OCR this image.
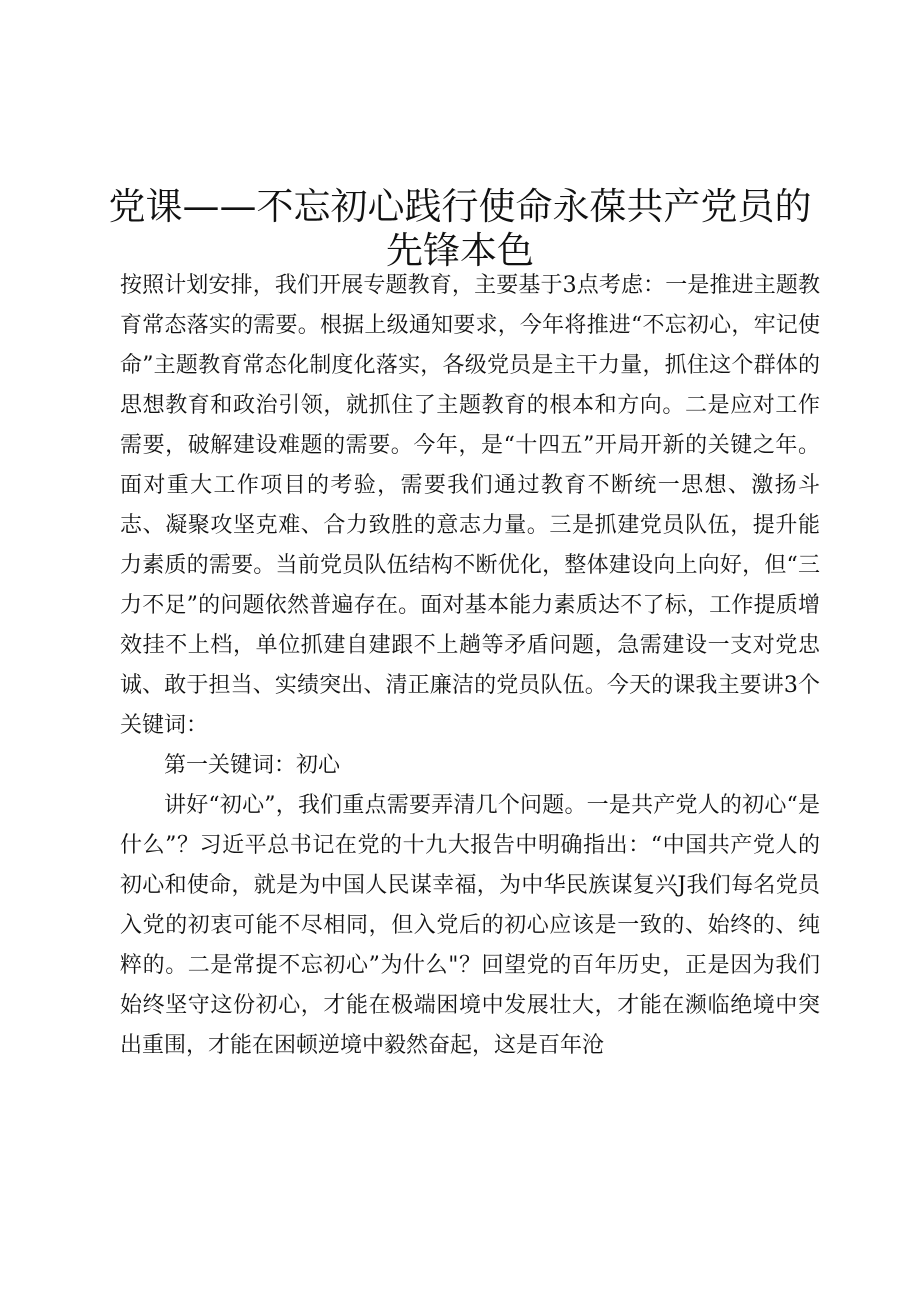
党课——不忘初心践行使命永葆共产党员的先锋本色

按照计划安排，我们开展专题教育，主要基于3点考虑：一是推进主题教育常态落实的需要。根据上级通知要求，今年将推进“不忘初心，牢记使命”主题教育常态化制度化落实，各级党员是主干力量，抓住这个群体的思想教育和政治引领，就抓住了主题教育的根本和方向。二是应对工作需要，破解建设难题的需要。今年，是“十四五”开局开新的关键之年。面对重大工作项目的考验，需要我们通过教育不断统一思想、激扬斗志、凝聚攻坚克难、合力致胜的意志力量。三是抓建党员队伍，提升能力素质的需要。当前党员队伍结构不断优化，整体建设向上向好，但“三力不足”的问题依然普遍存在。面对基本能力素质达不了标，工作提质增效挂不上档，单位抓建自建跟不上趟等矛盾问题，急需建设一支对党忠诚、敢于担当、实绩突出、清正廉洁的党员队伍。今天的课我主要讲3个关键词：

第一关键词：初心

讲好“初心”，我们重点需要弄清几个问题。一是共产党人的初心“是什么”？习近平总书记在党的十九大报告中明确指出：“中国共产党人的初心和使命，就是为中国人民谋幸福，为中华民族谋复兴J我们每名党员入党的初衷可能不尽相同，但入党后的初心应该是一致的、始终的、纯粹的。二是常提不忘初心”为什么"？回望党的百年历史，正是因为我们始终坚守这份初心，才能在极端困境中发展壮大，才能在濒临绝境中突出重围，才能在困顿逆境中毅然奋起，这是百年沧
